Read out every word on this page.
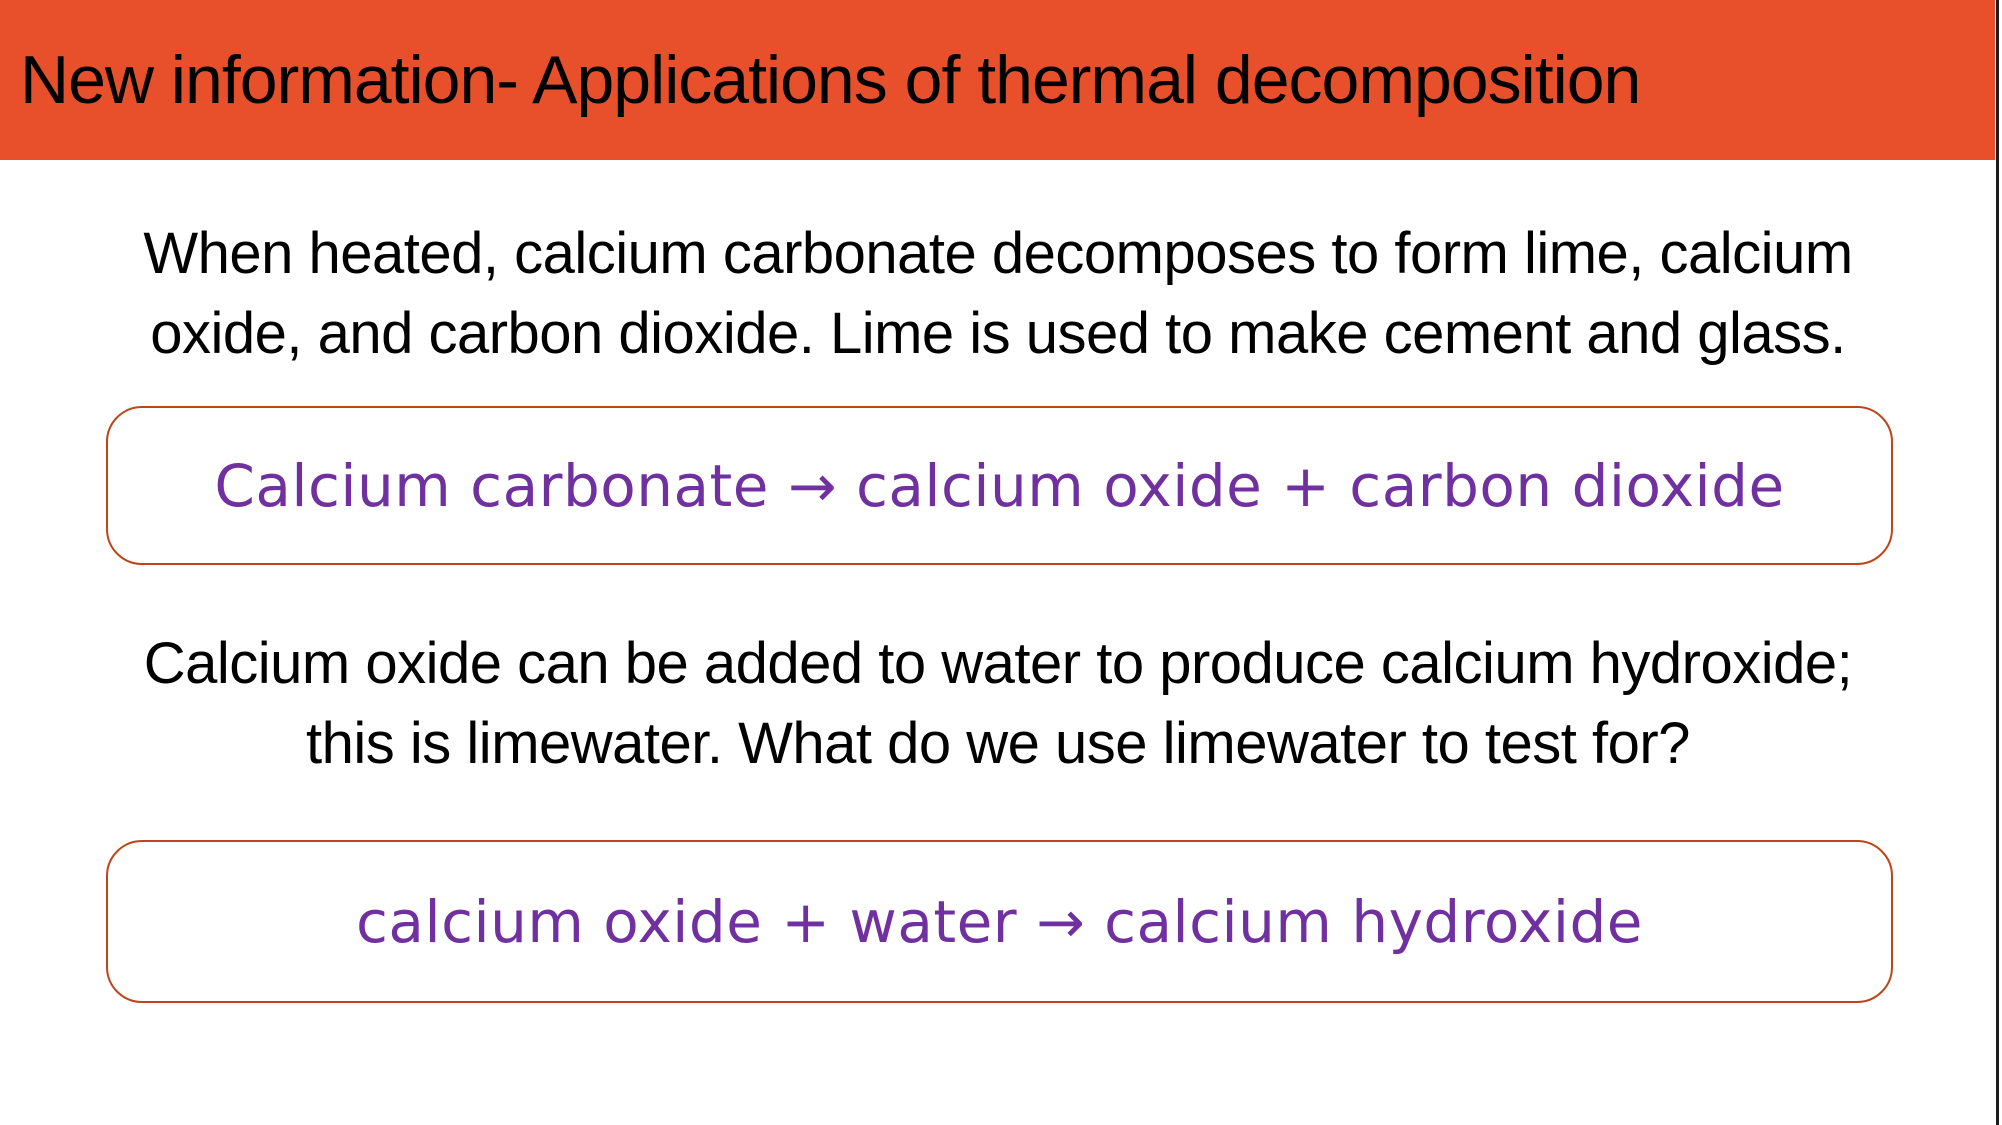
New information- Applications of thermal decomposition
When heated, calcium carbonate decomposes to form lime, calcium
oxide, and carbon dioxide. Lime is used to make cement and glass.
Calcium carbonate → calcium oxide + carbon dioxide
Calcium oxide can be added to water to produce calcium hydroxide;
this is limewater. What do we use limewater to test for?
calcium oxide + water → calcium hydroxide
